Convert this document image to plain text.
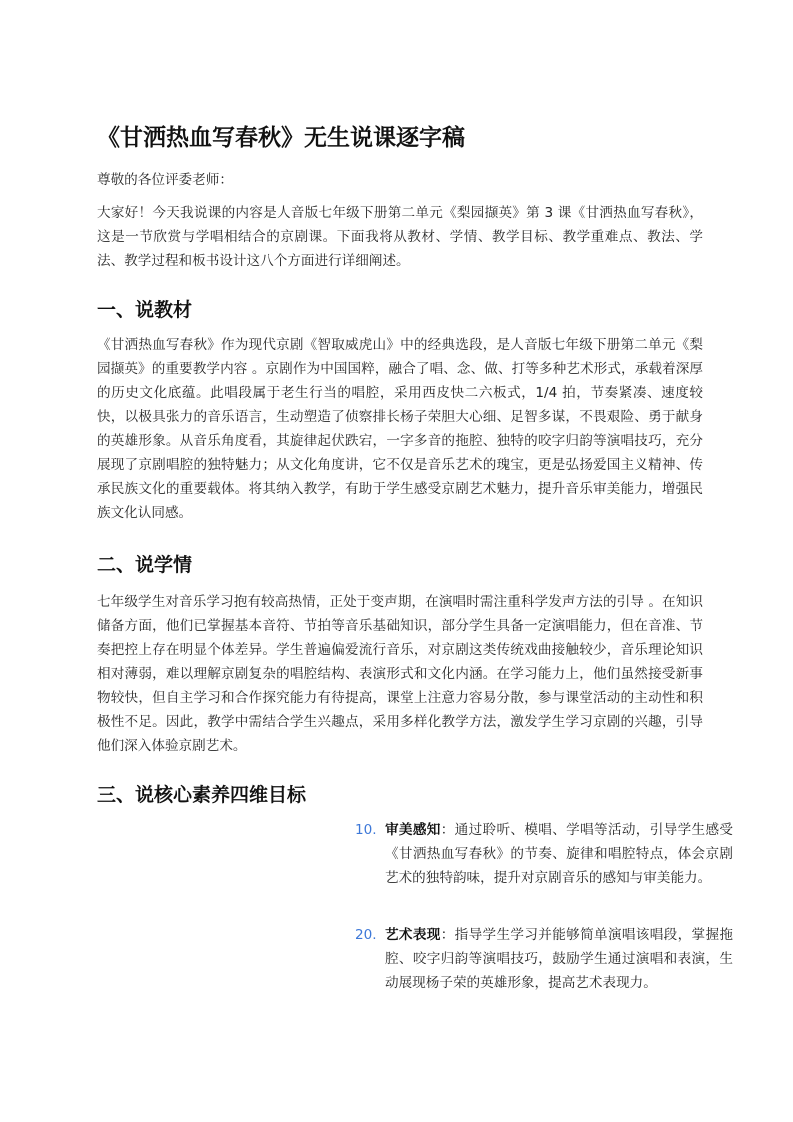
《甘洒热血写春秋》无生说课逐字稿
尊敬的各位评委老师：
大家好！今天我说课的内容是人音版七年级下册第二单元《梨园撷英》第 3 课《甘洒热血写春秋》，这是一节欣赏与学唱相结合的京剧课。下面我将从教材、学情、教学目标、教学重难点、教法、学法、教学过程和板书设计这八个方面进行详细阐述。
一、说教材
《甘洒热血写春秋》作为现代京剧《智取威虎山》中的经典选段，是人音版七年级下册第二单元《梨园撷英》的重要教学内容 。京剧作为中国国粹，融合了唱、念、做、打等多种艺术形式，承载着深厚的历史文化底蕴。此唱段属于老生行当的唱腔，采用西皮快二六板式，1/4 拍，节奏紧凑、速度较快，以极具张力的音乐语言，生动塑造了侦察排长杨子荣胆大心细、足智多谋，不畏艰险、勇于献身的英雄形象。从音乐角度看，其旋律起伏跌宕，一字多音的拖腔、独特的咬字归韵等演唱技巧，充分展现了京剧唱腔的独特魅力；从文化角度讲，它不仅是音乐艺术的瑰宝，更是弘扬爱国主义精神、传承民族文化的重要载体。将其纳入教学，有助于学生感受京剧艺术魅力，提升音乐审美能力，增强民族文化认同感。
二、说学情
七年级学生对音乐学习抱有较高热情，正处于变声期，在演唱时需注重科学发声方法的引导 。在知识储备方面，他们已掌握基本音符、节拍等音乐基础知识，部分学生具备一定演唱能力，但在音准、节奏把控上存在明显个体差异。学生普遍偏爱流行音乐，对京剧这类传统戏曲接触较少，音乐理论知识相对薄弱，难以理解京剧复杂的唱腔结构、表演形式和文化内涵。在学习能力上，他们虽然接受新事物较快，但自主学习和合作探究能力有待提高，课堂上注意力容易分散，参与课堂活动的主动性和积极性不足。因此，教学中需结合学生兴趣点，采用多样化教学方法，激发学生学习京剧的兴趣，引导他们深入体验京剧艺术。
三、说核心素养四维目标
10. 审美感知：通过聆听、模唱、学唱等活动，引导学生感受《甘洒热血写春秋》的节奏、旋律和唱腔特点，体会京剧艺术的独特韵味，提升对京剧音乐的感知与审美能力。
20. 艺术表现：指导学生学习并能够简单演唱该唱段，掌握拖腔、咬字归韵等演唱技巧，鼓励学生通过演唱和表演，生动展现杨子荣的英雄形象，提高艺术表现力。
